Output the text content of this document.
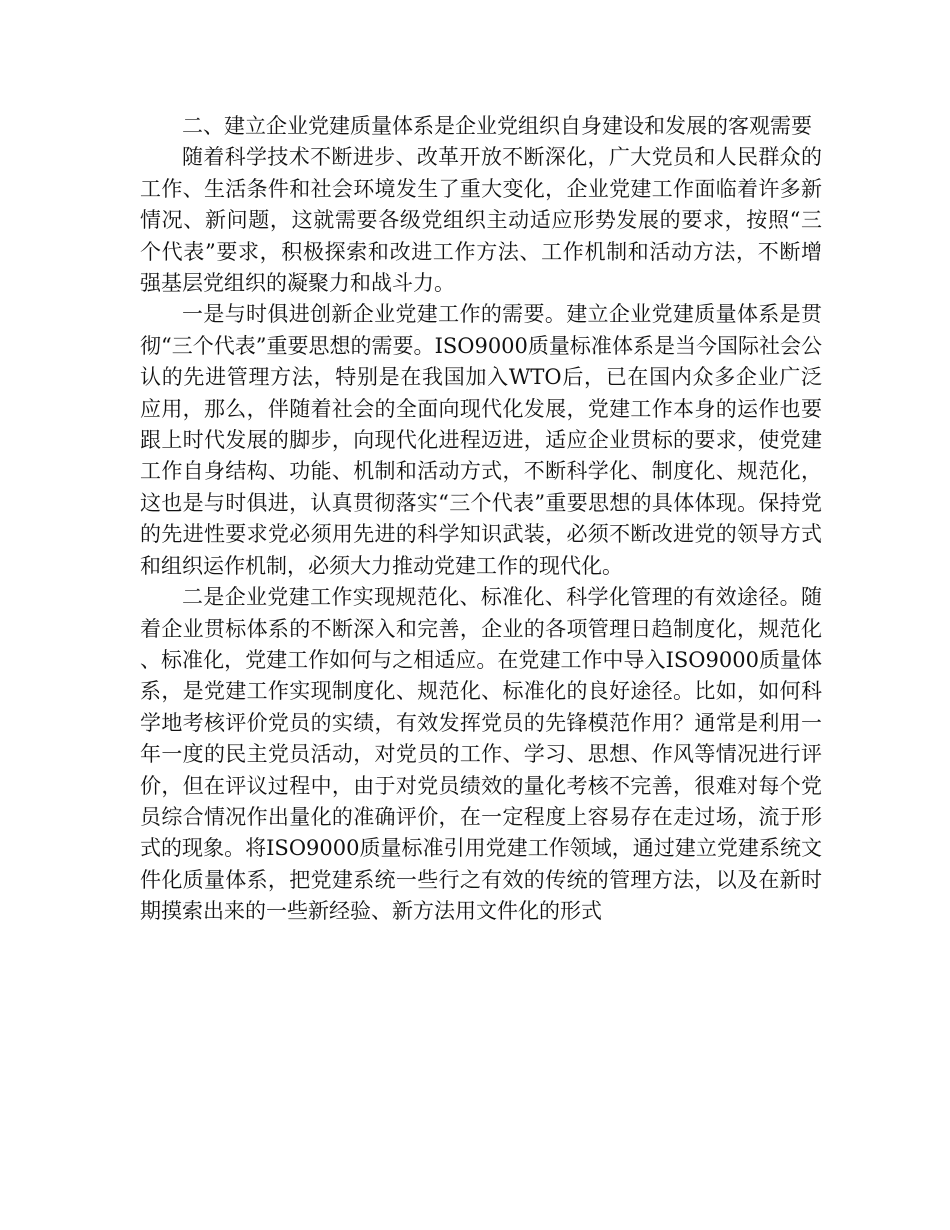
二、建立企业党建质量体系是企业党组织自身建设和发展的客观需要

随着科学技术不断进步、改革开放不断深化，广大党员和人民群众的工作、生活条件和社会环境发生了重大变化，企业党建工作面临着许多新情况、新问题，这就需要各级党组织主动适应形势发展的要求，按照“三个代表”要求，积极探索和改进工作方法、工作机制和活动方法，不断增强基层党组织的凝聚力和战斗力。

一是与时俱进创新企业党建工作的需要。建立企业党建质量体系是贯彻“三个代表”重要思想的需要。ISO9000质量标准体系是当今国际社会公认的先进管理方法，特别是在我国加入WTO后，已在国内众多企业广泛应用，那么，伴随着社会的全面向现代化发展，党建工作本身的运作也要跟上时代发展的脚步，向现代化进程迈进，适应企业贯标的要求，使党建工作自身结构、功能、机制和活动方式，不断科学化、制度化、规范化，这也是与时俱进，认真贯彻落实“三个代表”重要思想的具体体现。保持党的先进性要求党必须用先进的科学知识武装，必须不断改进党的领导方式和组织运作机制，必须大力推动党建工作的现代化。

二是企业党建工作实现规范化、标准化、科学化管理的有效途径。随着企业贯标体系的不断深入和完善，企业的各项管理日趋制度化，规范化、标准化，党建工作如何与之相适应。在党建工作中导入ISO9000质量体系，是党建工作实现制度化、规范化、标准化的良好途径。比如，如何科学地考核评价党员的实绩，有效发挥党员的先锋模范作用？通常是利用一年一度的民主党员活动，对党员的工作、学习、思想、作风等情况进行评价，但在评议过程中，由于对党员绩效的量化考核不完善，很难对每个党员综合情况作出量化的准确评价，在一定程度上容易存在走过场，流于形式的现象。将ISO9000质量标准引用党建工作领域，通过建立党建系统文件化质量体系，把党建系统一些行之有效的传统的管理方法，以及在新时期摸索出来的一些新经验、新方法用文件化的形式
